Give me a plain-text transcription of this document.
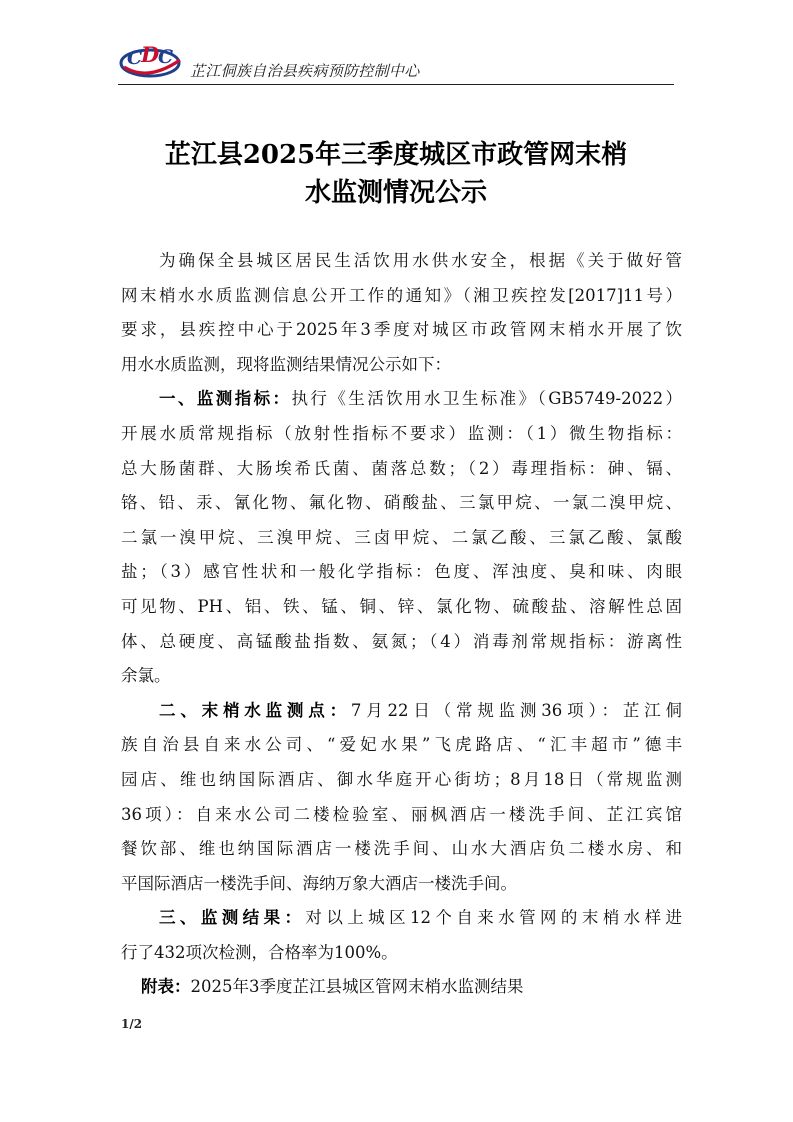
C
D
C
芷江侗族自治县疾病预防控制中心
芷江县2025年三季度城区市政管网末梢
水监测情况公示
为确保全县城区居民生活饮用水供水安全，根据《关于做好管
网末梢水水质监测信息公开工作的通知》（湘卫疾控发[2017]11号）
要求，县疾控中心于2025年3季度对城区市政管网末梢水开展了饮
用水水质监测，现将监测结果情况公示如下：
一、监测指标：执行《生活饮用水卫生标准》（GB5749-2022）
开展水质常规指标（放射性指标不要求）监测：（1）微生物指标：
总大肠菌群、大肠埃希氏菌、菌落总数；（2）毒理指标：砷、镉、
铬、铅、汞、氰化物、氟化物、硝酸盐、三氯甲烷、一氯二溴甲烷、
二氯一溴甲烷、三溴甲烷、三卤甲烷、二氯乙酸、三氯乙酸、氯酸
盐；（3）感官性状和一般化学指标：色度、浑浊度、臭和味、肉眼
可见物、PH、铝、铁、锰、铜、锌、氯化物、硫酸盐、溶解性总固
体、总硬度、高锰酸盐指数、氨氮；（4）消毒剂常规指标：游离性
余氯。
二、末梢水监测点：7月22日（常规监测36项）：芷江侗
族自治县自来水公司、“爱妃水果”飞虎路店、“汇丰超市”德丰
园店、维也纳国际酒店、御水华庭开心街坊；8月18日（常规监测
36项）：自来水公司二楼检验室、丽枫酒店一楼洗手间、芷江宾馆
餐饮部、维也纳国际酒店一楼洗手间、山水大酒店负二楼水房、和
平国际酒店一楼洗手间、海纳万象大酒店一楼洗手间。
三、监测结果：对以上城区12个自来水管网的末梢水样进
行了432项次检测，合格率为100%。
附表：2025年3季度芷江县城区管网末梢水监测结果
1/2
